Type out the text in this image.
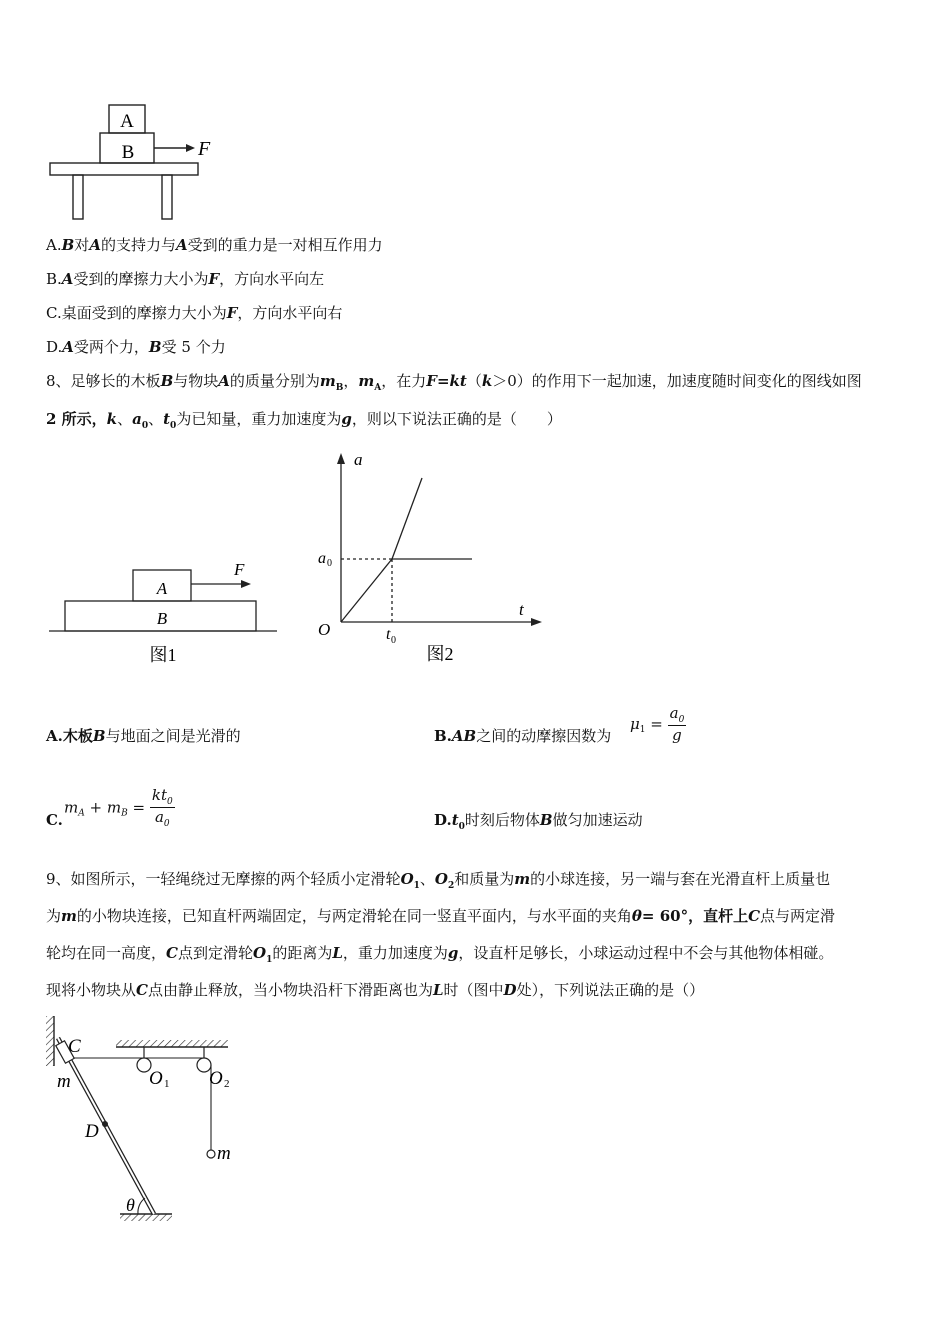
A
B	F
A.B对A的支持力与A受到的重力是一对相互作用力
B.A受到的摩擦力大小为F，方向水平向左
C.桌面受到的摩擦力大小为F，方向水平向右
D.A受两个力，B受 5 个力
8、足够长的木板B与物块A的质量分别为$m_B$，$m_A$，在力F=kt（k＞0）的作用下一起加速，加速度随时间变化的图线如图
2 所示，k、$a_0$、$t_0$为已知量，重力加速度为g，则以下说法正确的是（　　）
A
B
F
图1
a
t
O
a 0
t 0
图2
A.木板B与地面之间是光滑的	B.AB之间的动摩擦因数为
$\mu_1 = \frac{a_0}{g}$
C.
$m_A + m_B = \frac{kt_0}{a_0}$	$D.t_0$时刻后物体B做匀加速运动
9、如图所示，一轻绳绕过无摩擦的两个轻质小定滑轮$O_1$、$O_2$和质量为m的小球连接，另一端与套在光滑直杆上质量也
为m的小物块连接，已知直杆两端固定，与两定滑轮在同一竖直平面内，与水平面的夹角θ= 60°，直杆上C点与两定滑
轮均在同一高度，C点到定滑轮$O_1$的距离为L，重力加速度为g，设直杆足够长，小球运动过程中不会与其他物体相碰。
现将小物块从C点由静止释放，当小物块沿杆下滑距离也为L时（图中D处），下列说法正确的是（）
C
m
D
O 1 O 2
m
θ
